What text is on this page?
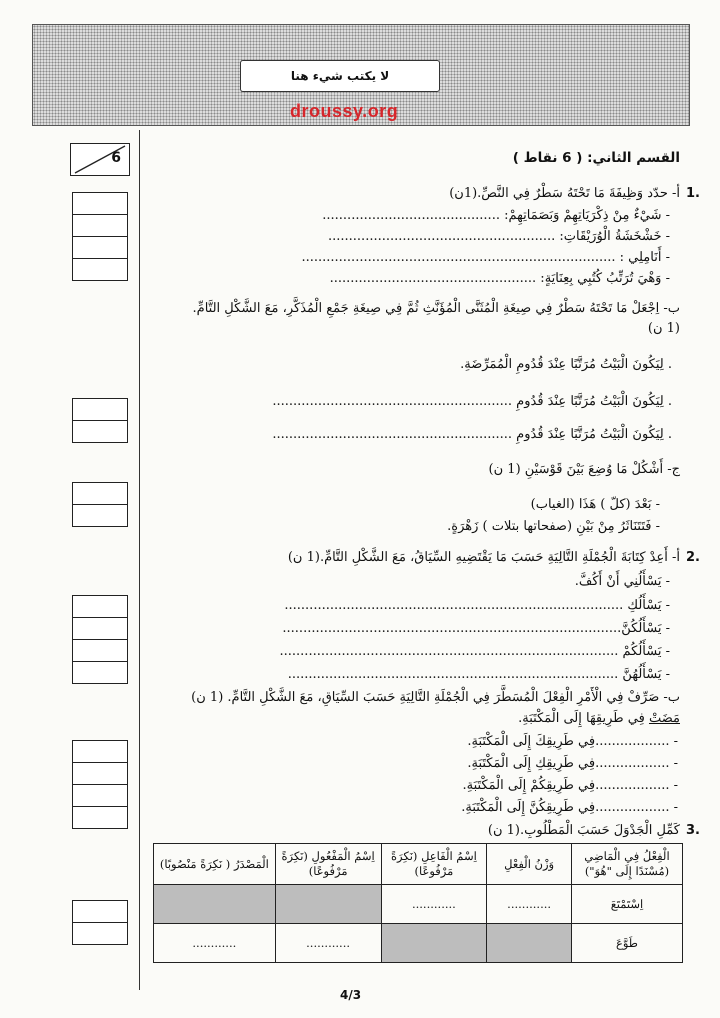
لا يكتب شيء هنا
droussy.org
6	القسم الثاني: ( 6 نقاط )
.1
أ- حدّد وَظِيفَةَ مَا تَحْتَهُ سَطْرٌ فِي النَّصِّ.(1ن)
- شَيْءٌ مِنْ ذِكْرَيَاتِهِمْ وَبَصَمَاتِهِمْ: ...........................................
- خَشْخَشَةُ الْوُرَيْقَاتِ: .......................................................
- أَنَامِلِي : ............................................................................
- وَهْيَ تُرَتِّبُ كُتُبِي بِعِنَايَةٍ: ..................................................
ب- اِجْعَلْ مَا تَحْتَهُ سَطْرٌ فِي صِيغَةِ الْمُثَنَّى الْمُؤَنَّثِ ثُمَّ فِي صِيغَةِ جَمْعِ الْمُذَكَّرِ، مَعَ الشَّكْلِ التَّامِّ.
(1 ن)
. لِيَكُونَ الْبَيْتُ مُرَتَّبًا عِنْدَ قُدُومِ الْمُمَرِّضَةِ.
. لِيَكُونَ الْبَيْتُ مُرَتَّبًا عِنْدَ قُدُومِ ..........................................................
. لِيَكُونَ الْبَيْتُ مُرَتَّبًا عِنْدَ قُدُومِ ..........................................................
ج- أَشْكُلْ مَا وُضِعَ بَيْنَ قَوْسَيْنِ (1 ن)
- بَعْدَ (كلّ ) هَذَا (الغياب)
- فَتَتَنَاثَرُ مِنْ بَيْنِ (صفحاتها بتلات ) زَهْرَةٍ.
.2
أ- أَعِدْ كِتَابَةَ الْجُمْلَةِ التَّالِيَةِ حَسَبَ مَا يَقْتَضِيهِ السِّيَاقُ، مَعَ الشَّكْلِ التَّامِّ.(1 ن)
- يَسْأَلُنِي أَنْ أَكُفَّ.
- يَسْأَلُكِ ..................................................................................
- يَسْأَلُكُنَّ..................................................................................
- يَسْأَلُكُمْ ..................................................................................
- يَسْأَلُهُنَّ ................................................................................
ب- صَرِّفْ فِي الْأَمْرِ الْفِعْلَ الْمُسَطَّرَ فِي الْجُمْلَةِ التَّالِيَةِ حَسَبَ السِّيَاقِ، مَعَ الشَّكْلِ التَّامِّ. (1 ن)
مَضَتْ فِي طَرِيقِهَا إِلَى الْمَكْتَبَةِ.
- ..................فِي طَرِيقِكَ إِلَى الْمَكْتَبَةِ.
- ..................فِي طَرِيقِكِ إِلَى الْمَكْتَبَةِ.
- ..................فِي طَرِيقِكُمْ إِلَى الْمَكْتَبَةِ.
- ..................فِي طَرِيقِكُنَّ إِلَى الْمَكْتَبَةِ.
.3
كَمِّلِ الْجَدْوَلَ حَسَبَ الْمَطْلُوبِ.(1 ن)
الْفِعْلُ فِي الْمَاضِي (مُسْنَدًا إِلَى "هُوَ")	وَزْنُ الْفِعْلِ	اِسْمُ الْفَاعِلِ (نَكِرَةً مَرْفُوعًا)	اِسْمُ الْمَفْعُولِ (نَكِرَةً مَرْفُوعًا)	الْمَصْدَرُ ( نَكِرَةً مَنْصُوبًا)
اِسْتَمْتَعَ	............	............		
طَوَّعَ			............	............
4/3
